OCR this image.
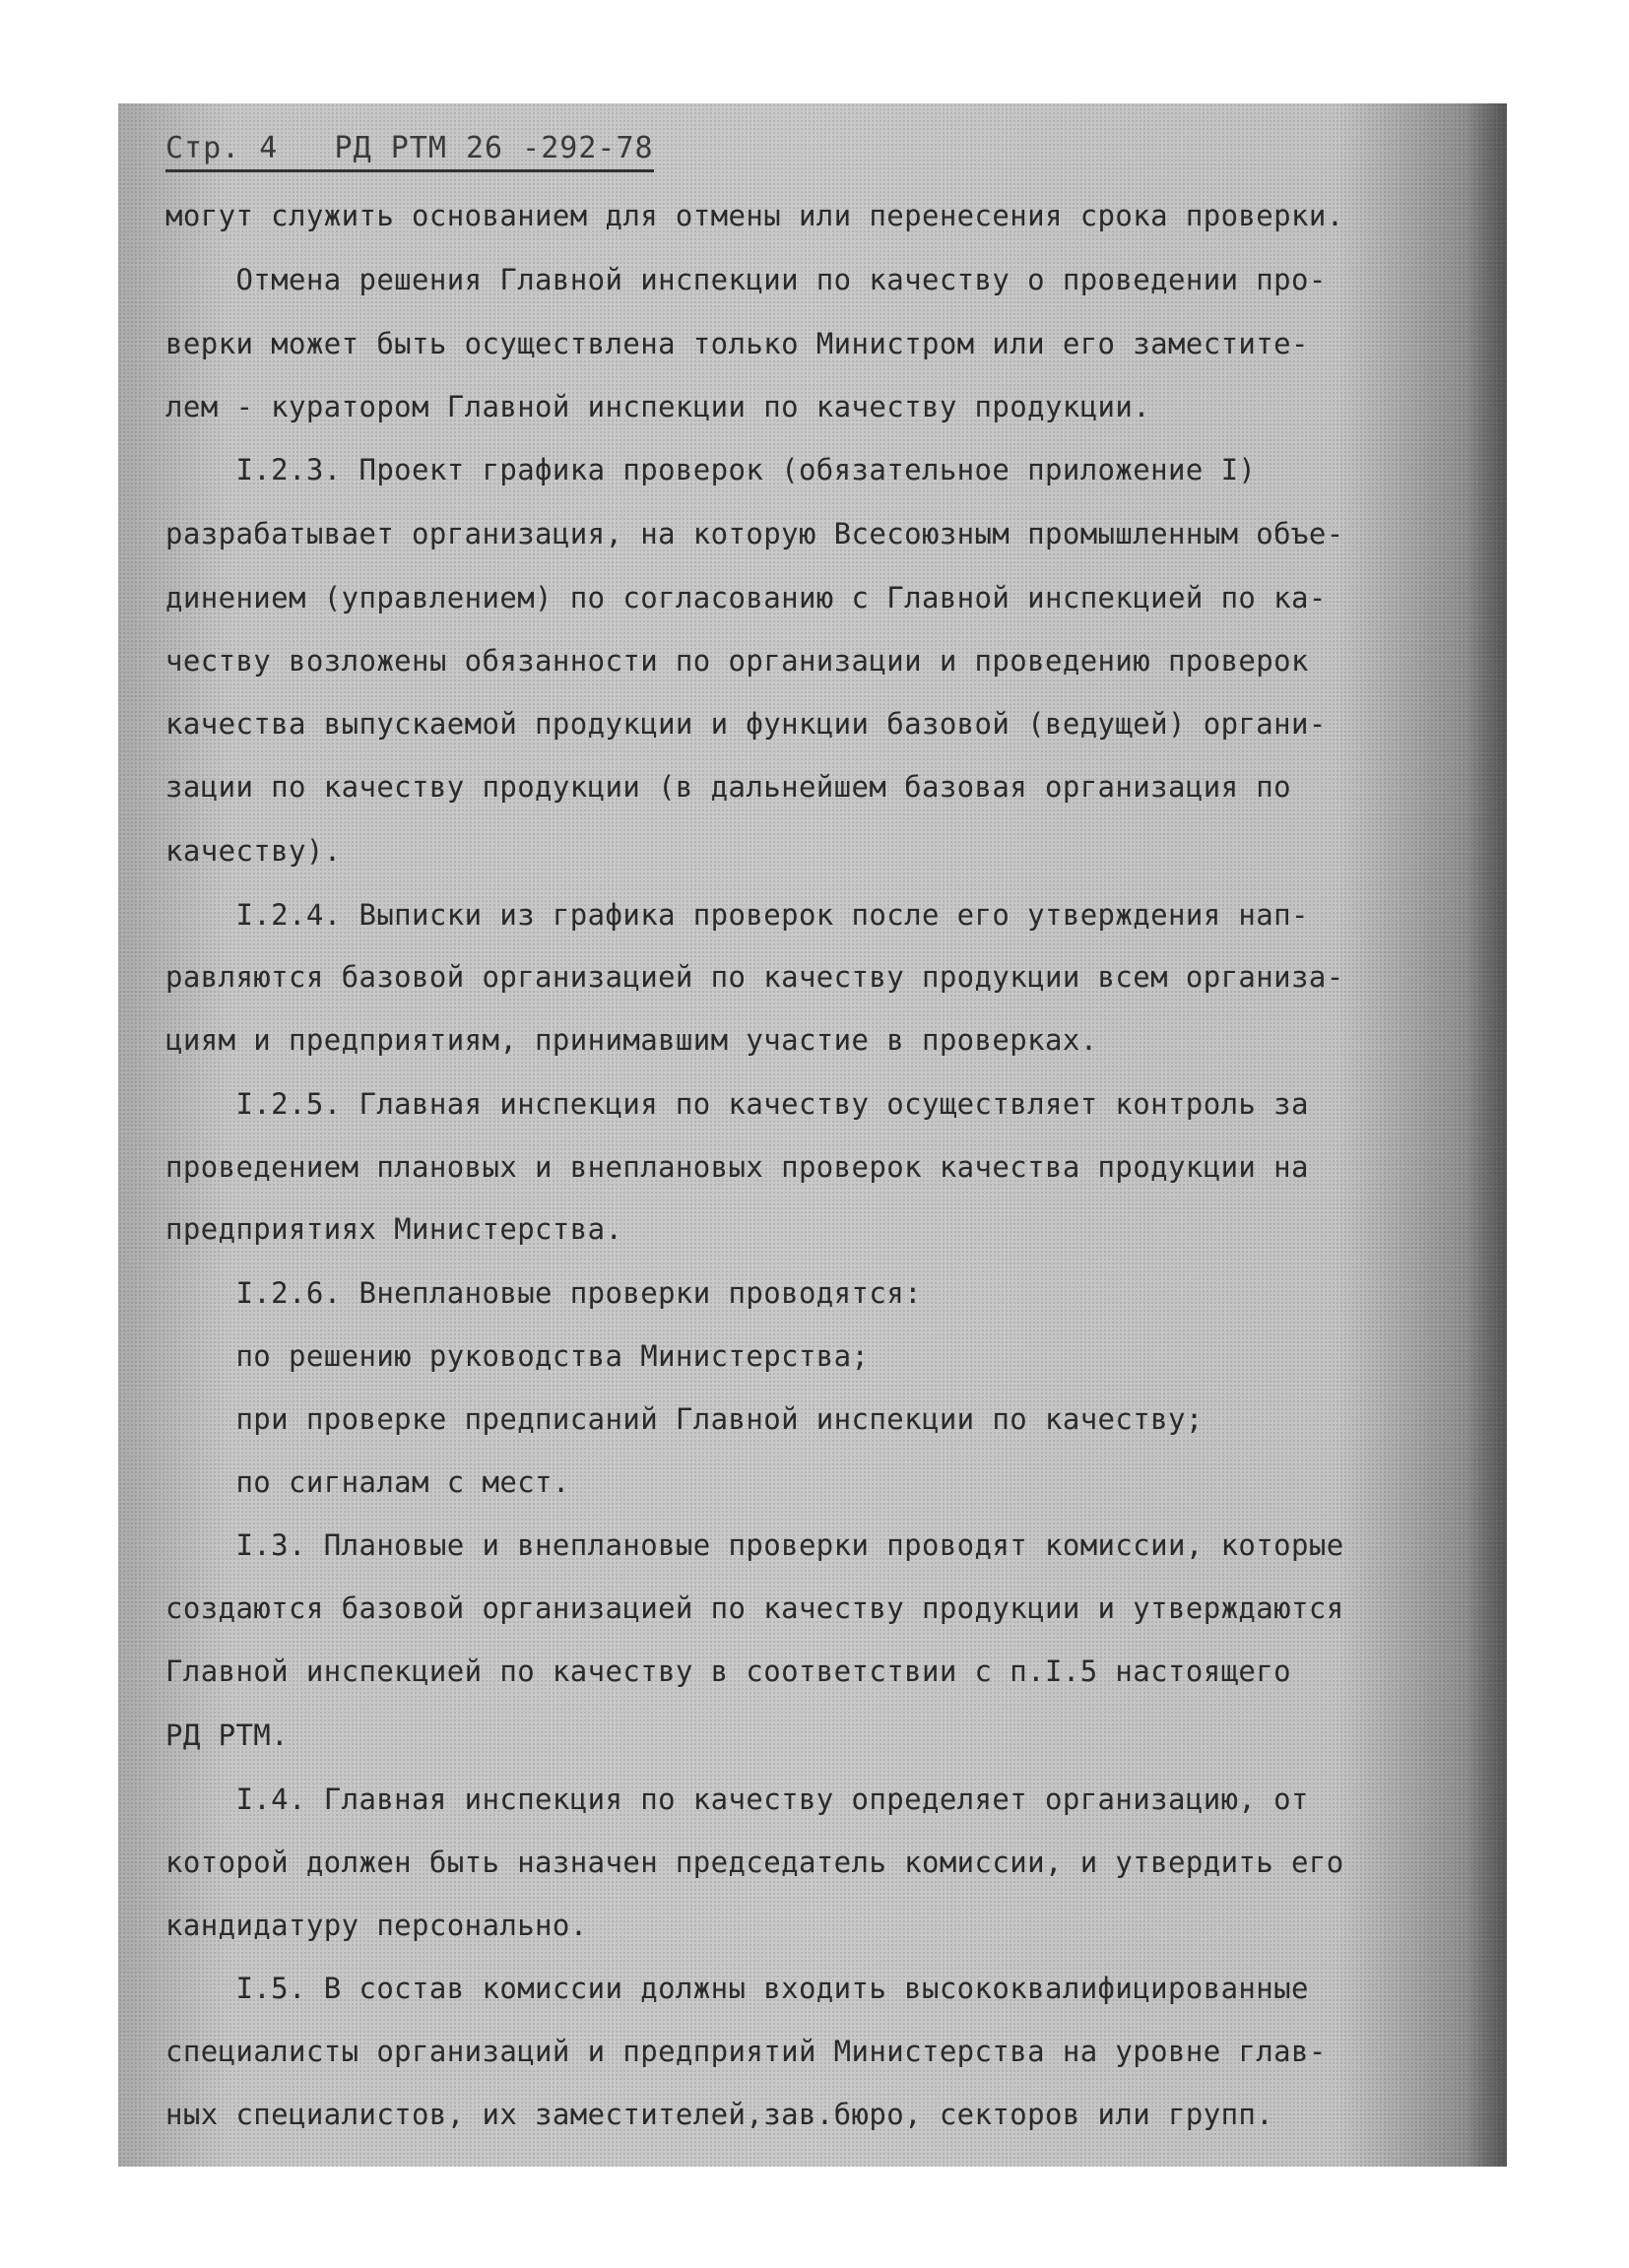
Стр. 4   РД РТМ 26 -292-78
могут служить основанием для отмены или перенесения срока проверки.
Отмена решения Главной инспекции по качеству о проведении про-
верки может быть осуществлена только Министром или его заместите-
лем - куратором Главной инспекции по качеству продукции.
I.2.3. Проект графика проверок (обязательное приложение I)
разрабатывает организация, на которую Всесоюзным промышленным объе-
динением (управлением) по согласованию с Главной инспекцией по ка-
честву возложены обязанности по организации и проведению проверок
качества выпускаемой продукции и функции базовой (ведущей) органи-
зации по качеству продукции (в дальнейшем базовая организация по
качеству).
I.2.4. Выписки из графика проверок после его утверждения нап-
равляются базовой организацией по качеству продукции всем организа-
циям и предприятиям, принимавшим участие в проверках.
I.2.5. Главная инспекция по качеству осуществляет контроль за
проведением плановых и внеплановых проверок качества продукции на
предприятиях Министерства.
I.2.6. Внеплановые проверки проводятся:
по решению руководства Министерства;
при проверке предписаний Главной инспекции по качеству;
по сигналам с мест.
I.3. Плановые и внеплановые проверки проводят комиссии, которые
создаются базовой организацией по качеству продукции и утверждаются
Главной инспекцией по качеству в соответствии с п.I.5 настоящего
РД РТМ.
I.4. Главная инспекция по качеству определяет организацию, от
которой должен быть назначен председатель комиссии, и утвердить его
кандидатуру персонально.
I.5. В состав комиссии должны входить высококвалифицированные
специалисты организаций и предприятий Министерства на уровне глав-
ных специалистов, их заместителей,зав.бюро, секторов или групп.
